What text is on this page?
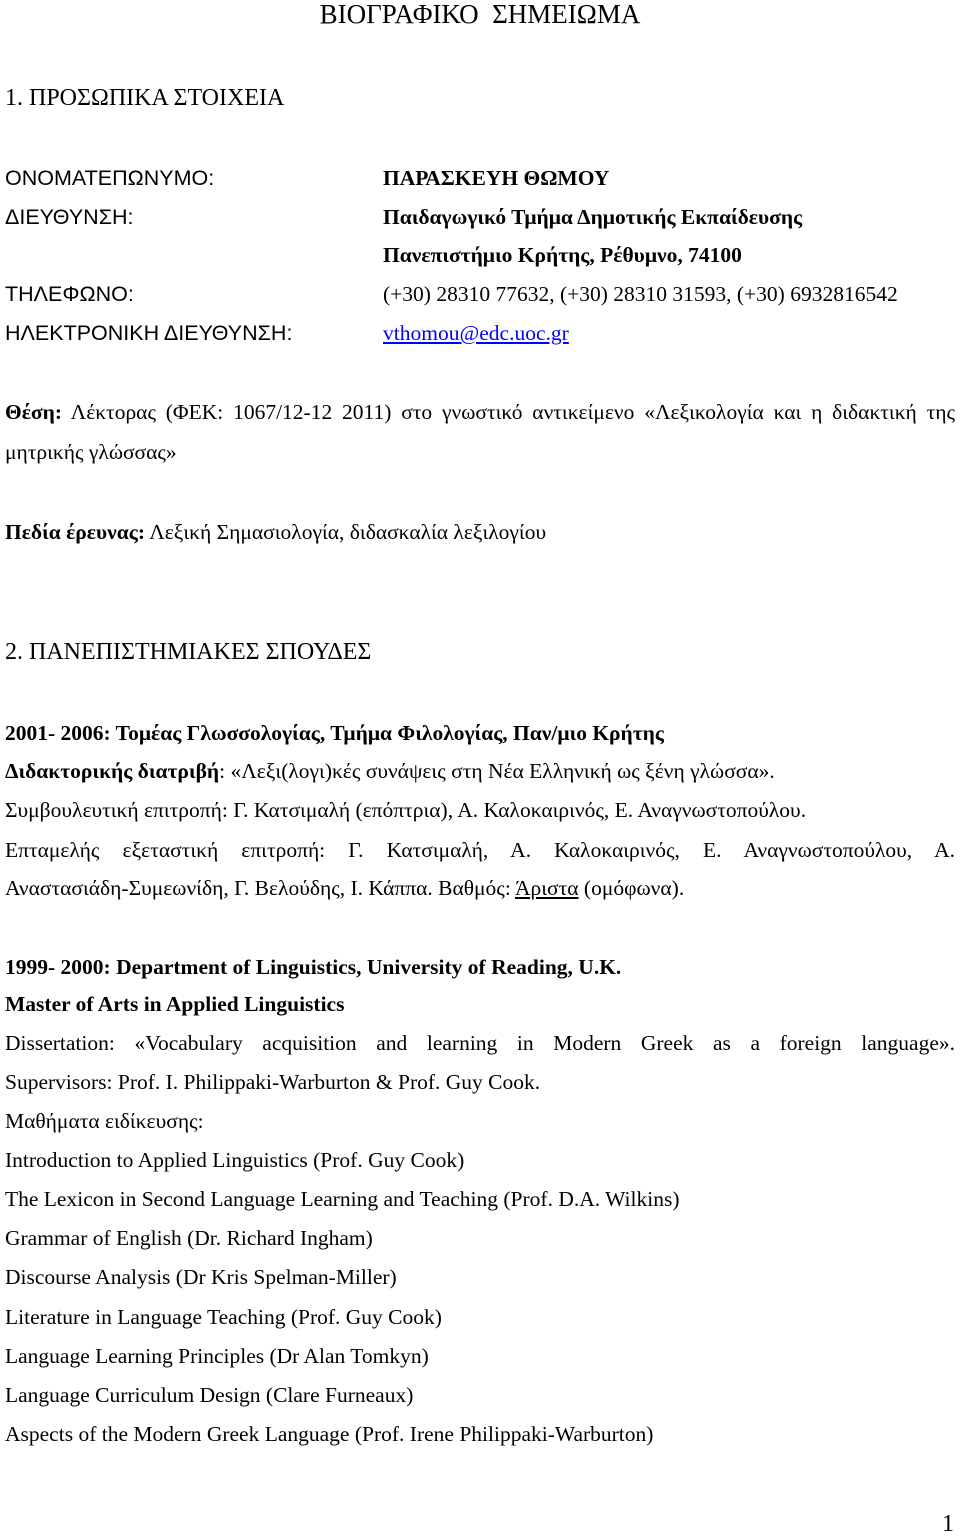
ΒΙΟΓΡΑΦΙΚΟ  ΣΗΜΕΙΩΜΑ
1. ΠΡΟΣΩΠΙΚΑ ΣΤΟΙΧΕΙΑ
ΟΝΟΜΑΤΕΠΩΝΥΜΟ:	ΠΑΡΑΣΚΕΥΗ ΘΩΜΟΥ
ΔΙΕΥΘΥΝΣΗ:	Παιδαγωγικό Τμήμα Δημοτικής Εκπαίδευσης
Πανεπιστήμιο Κρήτης, Ρέθυμνο, 74100
ΤΗΛΕΦΩΝΟ:	(+30) 28310 77632, (+30) 28310 31593, (+30) 6932816542
ΗΛΕΚΤΡΟΝΙΚΗ ΔΙΕΥΘΥΝΣΗ:	vthomou@edc.uoc.gr
Θέση: Λέκτορας (ΦΕΚ: 1067/12-12 2011) στο γνωστικό αντικείμενο «Λεξικολογία και η διδακτική της
μητρικής γλώσσας»
Πεδία έρευνας: Λεξική Σημασιολογία, διδασκαλία λεξιλογίου
2. ΠΑΝΕΠΙΣΤΗΜΙΑΚΕΣ ΣΠΟΥΔΕΣ
2001- 2006: Τομέας Γλωσσολογίας, Τμήμα Φιλολογίας, Παν/μιο Κρήτης
Διδακτορικής διατριβή: «Λεξι(λογι)κές συνάψεις στη Νέα Ελληνική ως ξένη γλώσσα».
Συμβουλευτική επιτροπή: Γ. Κατσιμαλή (επόπτρια), Α. Καλοκαιρινός, Ε. Αναγνωστοπούλου.
Επταμελής εξεταστική επιτροπή: Γ. Κατσιμαλή, Α. Καλοκαιρινός, Ε. Αναγνωστοπούλου, Α.
Αναστασιάδη-Συμεωνίδη, Γ. Βελούδης, Ι. Κάππα. Βαθμός: Άριστα (ομόφωνα).
1999- 2000: Department of Linguistics, University of Reading, U.K.
Master of Arts in Applied Linguistics
Dissertation: «Vocabulary acquisition and learning in Modern Greek as a foreign language».
Supervisors: Prof. I. Philippaki-Warburton & Prof. Guy Cook.
Μαθήματα ειδίκευσης:
Introduction to Applied Linguistics (Prof. Guy Cook)
The Lexicon in Second Language Learning and Teaching (Prof. D.A. Wilkins)
Grammar of English (Dr. Richard Ingham)
Discourse Analysis (Dr Kris Spelman-Miller)
Literature in Language Teaching (Prof. Guy Cook)
Language Learning Principles (Dr Alan Tomkyn)
Language Curriculum Design (Clare Furneaux)
Aspects of the Modern Greek Language (Prof. Irene Philippaki-Warburton)
1
